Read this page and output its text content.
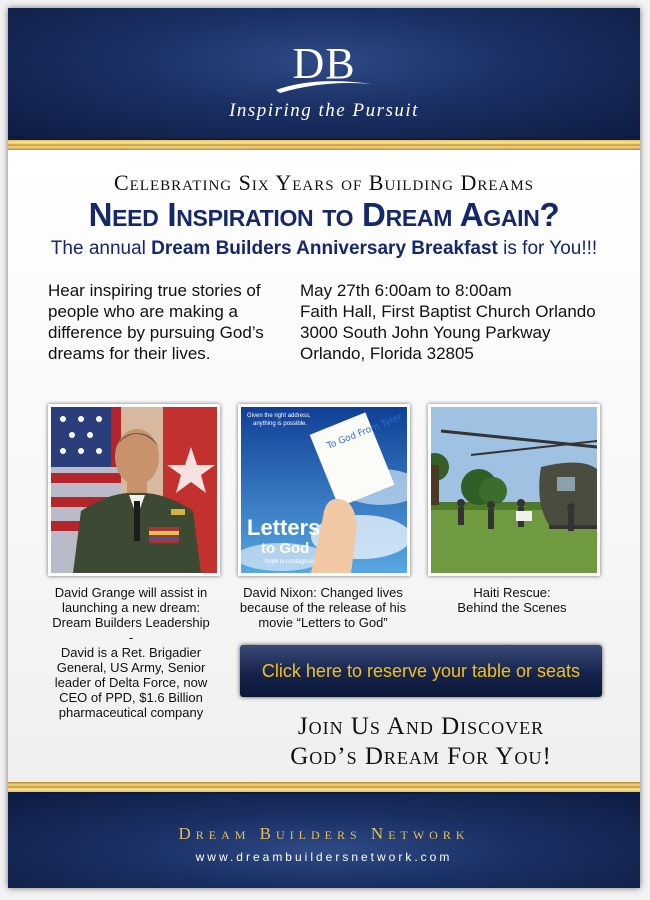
DB
Inspiring the Pursuit
Celebrating Six Years of Building Dreams
Need Inspiration to Dream Again?
The annual Dream Builders Anniversary Breakfast is for You!!!
Hear inspiring true stories of people who are making a difference by pursuing God’s dreams for their lives.
May 27th 6:00am to 8:00am
Faith Hall, First Baptist Church Orlando
3000 South John Young Parkway
Orlando, Florida 32805
Given the right address,
anything is possible. To God From Tyler
Letters
to God
hope is contagious
David Grange will assist in
launching a new dream:
Dream Builders Leadership
-
David is a Ret. Brigadier
General, US Army, Senior
leader of Delta Force, now
CEO of PPD, $1.6 Billion
pharmaceutical company
David Nixon: Changed lives
because of the release of his
movie “Letters to God”
Haiti Rescue:
Behind the Scenes
Click here to reserve your table or seats
Join Us And Discover
God’s Dream For You!
Dream Builders Network
www.dreambuildersnetwork.com
